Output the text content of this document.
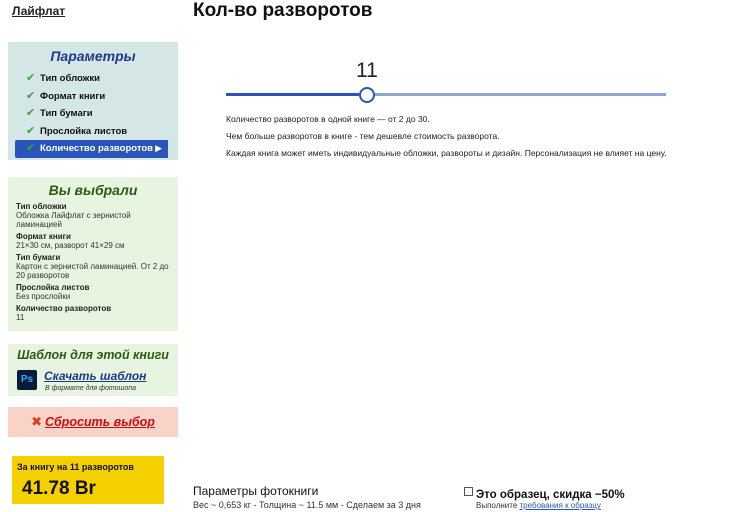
Лайфлат	Кол-во разворотов
Параметры
✔ Тип обложки
✔ Формат книги
✔ Тип бумаги
✔ Прослойка листов
✔ Количество разворотов ▶
Вы выбрали
Тип обложки
Обложка Лайфлат с зернистой ламинацией
Формат книги
21×30 см, разворот 41×29 см
Тип бумаги
Картон с зернистой ламинацией. От 2 до 20 разворотов
Прослойка листов
Без прослойки
Количество разворотов
11
Шаблон для этой книги
Ps Скачать шаблон
В формате для фотошопа
✖ Сбросить выбор
За книгу на 11 разворотов
41.78 Br
11

Количество разворотов в одной книге — от 2 до 30.

Чем больше разворотов в книге - тем дешевле стоимость разворота.

Каждая книга может иметь индивидуальные обложки, развороты и дизайн. Персонализация не влияет на цену.

Параметры фотокниги
Вес ~ 0,653 кг - Толщина ~ 11.5 мм - Сделаем за 3 дня
Это образец, скидка −50%
Выполните требования к образцу
